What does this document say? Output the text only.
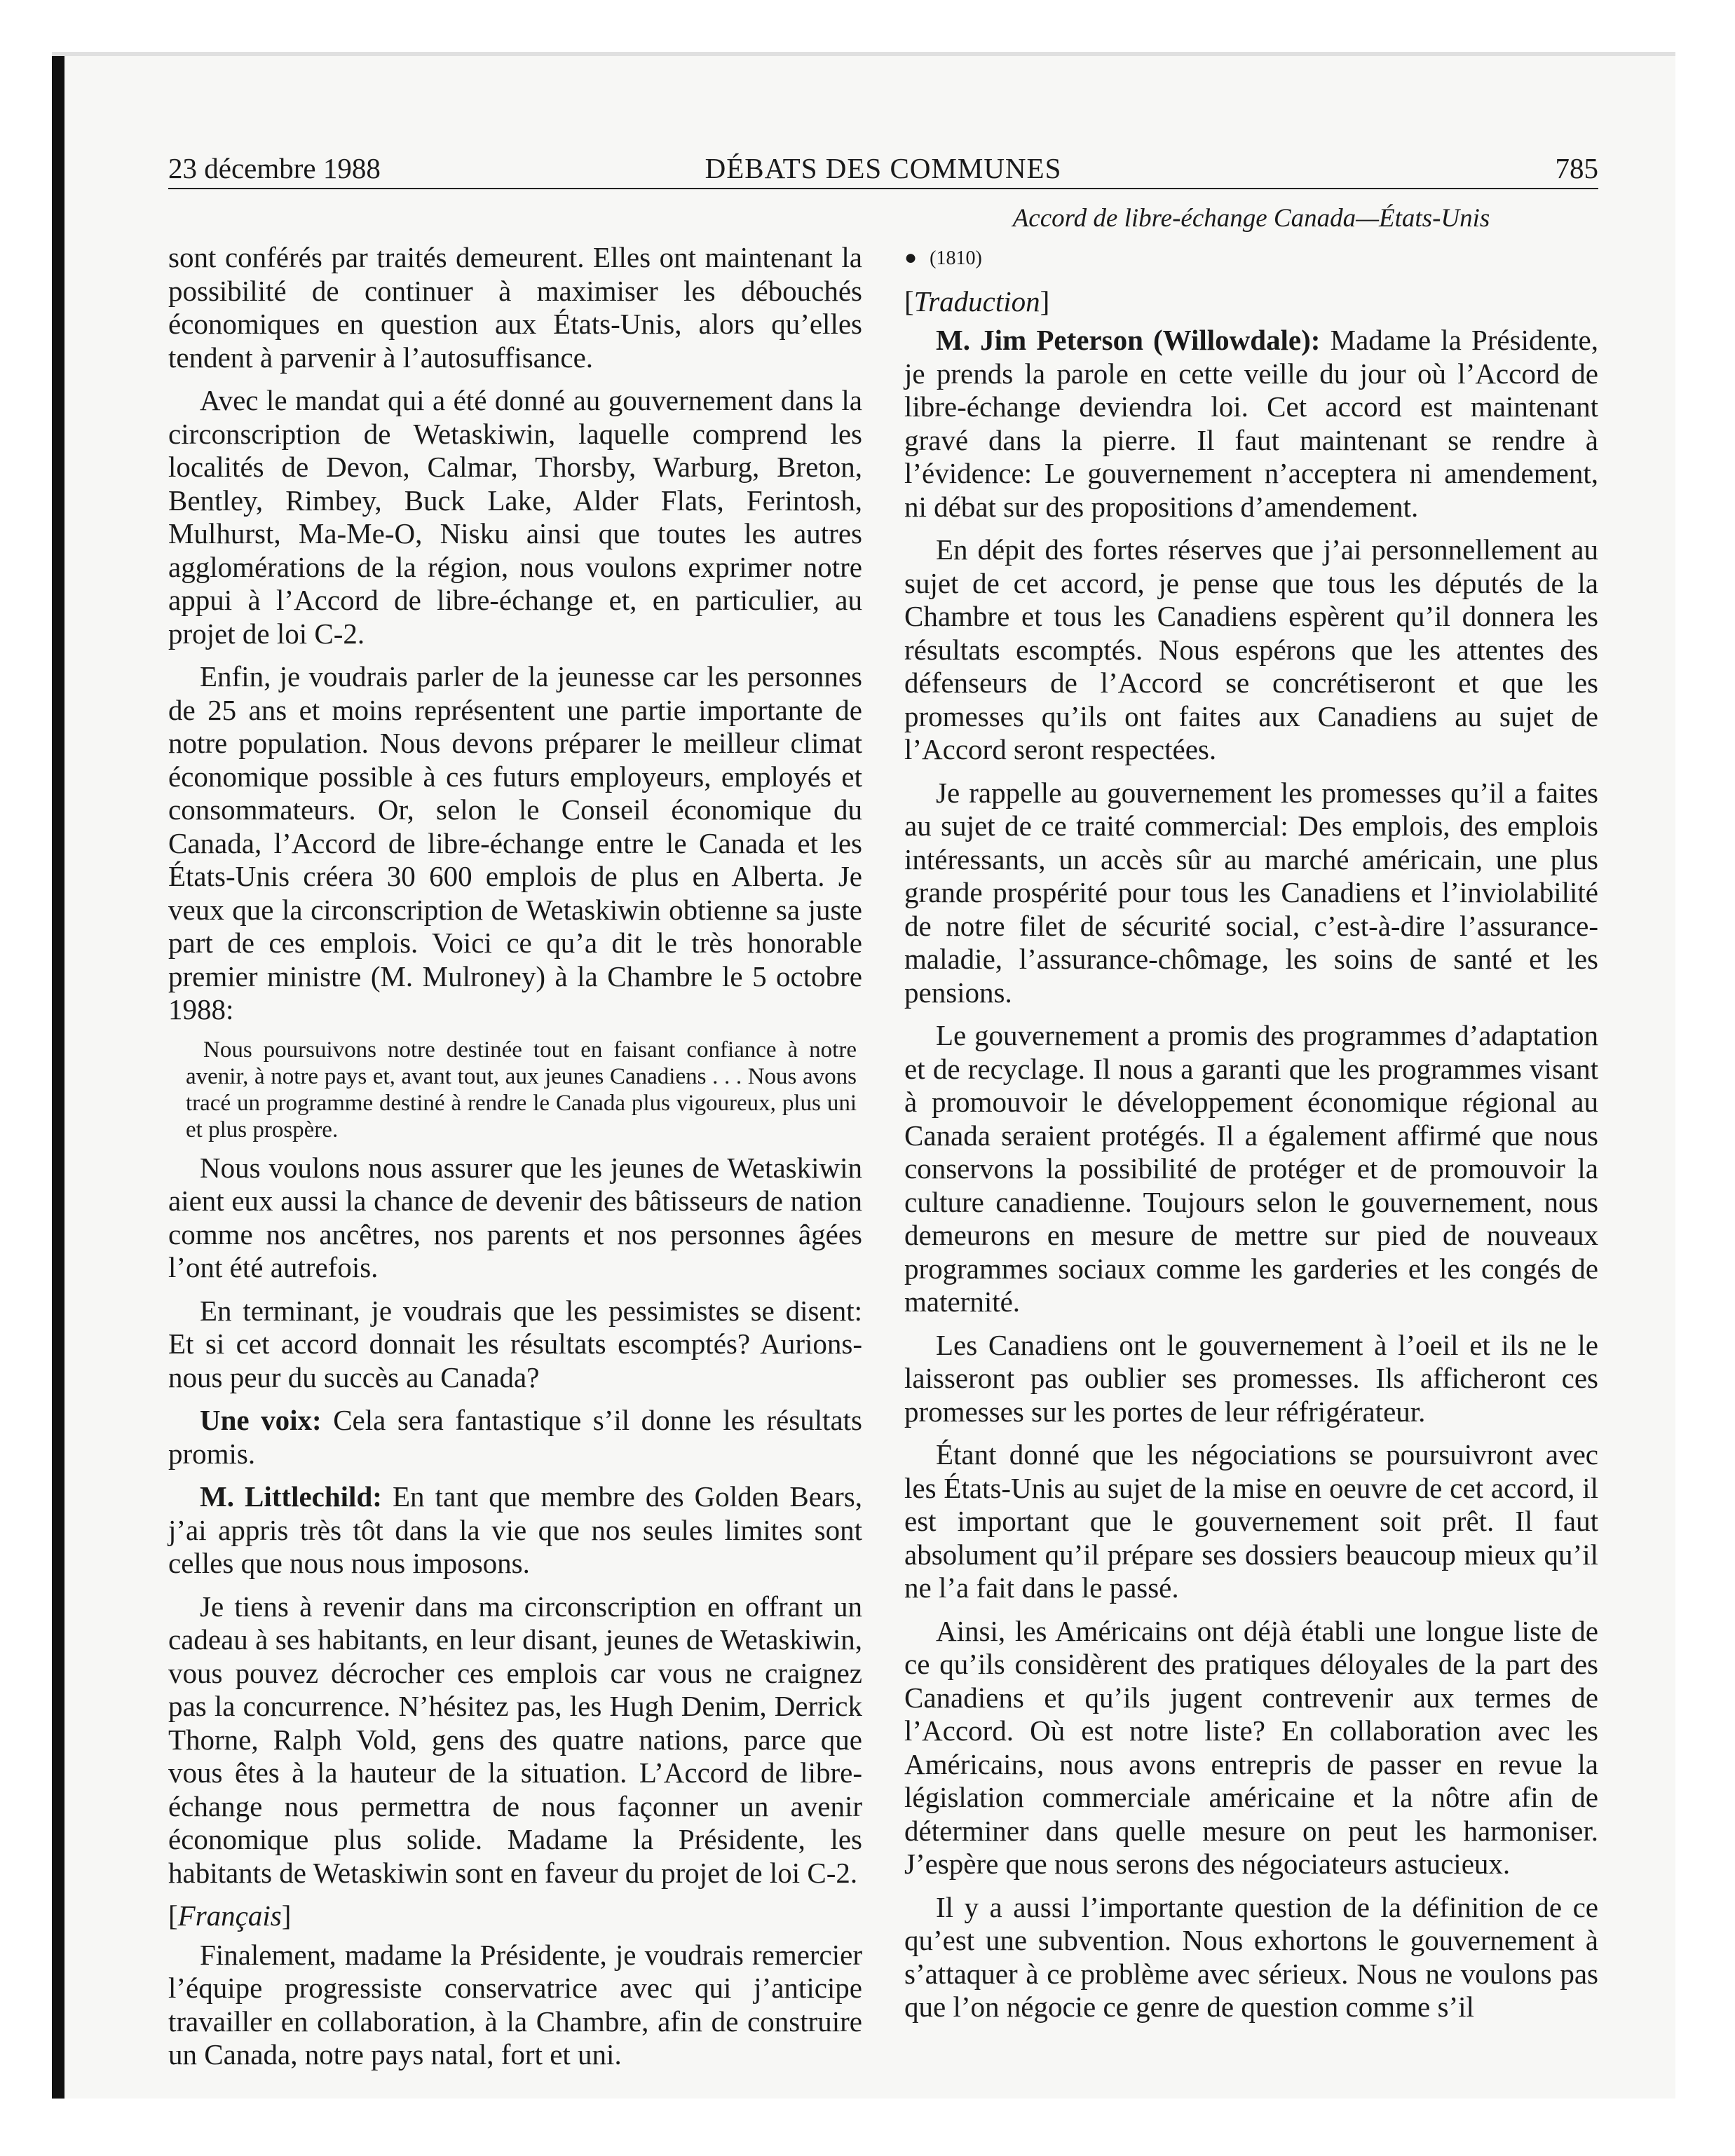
23 décembre 1988	DÉBATS DES COMMUNES	785
Accord de libre-échange Canada—États-Unis

sont conférés par traités demeurent. Elles ont maintenant la possibilité de continuer à maximiser les débouchés économiques en question aux États-Unis, alors qu’elles tendent à parvenir à l’autosuffisance.

Avec le mandat qui a été donné au gouvernement dans la circonscription de Wetaskiwin, laquelle comprend les localités de Devon, Calmar, Thorsby, Warburg, Breton, Bentley, Rimbey, Buck Lake, Alder Flats, Ferintosh, Mulhurst, Ma-Me-O, Nisku ainsi que toutes les autres agglomérations de la région, nous voulons exprimer notre appui à l’Accord de libre-échange et, en particulier, au projet de loi C-2.

Enfin, je voudrais parler de la jeunesse car les personnes de 25 ans et moins représentent une partie importante de notre population. Nous devons préparer le meilleur climat économique possible à ces futurs employeurs, employés et consommateurs. Or, selon le Conseil économique du Canada, l’Accord de libre-échange entre le Canada et les États-Unis créera 30 600 emplois de plus en Alberta. Je veux que la circonscription de Wetaskiwin obtienne sa juste part de ces emplois. Voici ce qu’a dit le très honorable premier ministre (M. Mulroney) à la Chambre le 5 octobre 1988:

Nous poursuivons notre destinée tout en faisant confiance à notre avenir, à notre pays et, avant tout, aux jeunes Canadiens . . . Nous avons tracé un programme destiné à rendre le Canada plus vigoureux, plus uni et plus prospère.

Nous voulons nous assurer que les jeunes de Wetaskiwin aient eux aussi la chance de devenir des bâtisseurs de nation comme nos ancêtres, nos parents et nos personnes âgées l’ont été autrefois.

En terminant, je voudrais que les pessimistes se disent: Et si cet accord donnait les résultats escomptés? Aurions-nous peur du succès au Canada?

Une voix: Cela sera fantastique s’il donne les résultats promis.

M. Littlechild: En tant que membre des Golden Bears, j’ai appris très tôt dans la vie que nos seules limites sont celles que nous nous imposons.

Je tiens à revenir dans ma circonscription en offrant un cadeau à ses habitants, en leur disant, jeunes de Wetaskiwin, vous pouvez décrocher ces emplois car vous ne craignez pas la concurrence. N’hésitez pas, les Hugh Denim, Derrick Thorne, Ralph Vold, gens des quatre nations, parce que vous êtes à la hauteur de la situation. L’Accord de libre-échange nous permettra de nous façonner un avenir économique plus solide. Madame la Présidente, les habitants de Wetaskiwin sont en faveur du projet de loi C-2.

[Français]

Finalement, madame la Présidente, je voudrais remercier l’équipe progressiste conservatrice avec qui j’anticipe travailler en collaboration, à la Chambre, afin de construire un Canada, notre pays natal, fort et uni.

● (1810)

[Traduction]

M. Jim Peterson (Willowdale): Madame la Présidente, je prends la parole en cette veille du jour où l’Accord de libre-échange deviendra loi. Cet accord est maintenant gravé dans la pierre. Il faut maintenant se rendre à l’évidence: Le gouvernement n’acceptera ni amendement, ni débat sur des propositions d’amendement.

En dépit des fortes réserves que j’ai personnellement au sujet de cet accord, je pense que tous les députés de la Chambre et tous les Canadiens espèrent qu’il donnera les résultats escomptés. Nous espérons que les attentes des défenseurs de l’Accord se concrétiseront et que les promesses qu’ils ont faites aux Canadiens au sujet de l’Accord seront respectées.

Je rappelle au gouvernement les promesses qu’il a faites au sujet de ce traité commercial: Des emplois, des emplois intéressants, un accès sûr au marché américain, une plus grande prospérité pour tous les Canadiens et l’inviolabilité de notre filet de sécurité social, c’est-à-dire l’assurance-maladie, l’assurance-chômage, les soins de santé et les pensions.

Le gouvernement a promis des programmes d’adaptation et de recyclage. Il nous a garanti que les programmes visant à promouvoir le développement économique régional au Canada seraient protégés. Il a également affirmé que nous conservons la possibilité de protéger et de promouvoir la culture canadienne. Toujours selon le gouvernement, nous demeurons en mesure de mettre sur pied de nouveaux programmes sociaux comme les garderies et les congés de maternité.

Les Canadiens ont le gouvernement à l’oeil et ils ne le laisseront pas oublier ses promesses. Ils afficheront ces promesses sur les portes de leur réfrigérateur.

Étant donné que les négociations se poursuivront avec les États-Unis au sujet de la mise en oeuvre de cet accord, il est important que le gouvernement soit prêt. Il faut absolument qu’il prépare ses dossiers beaucoup mieux qu’il ne l’a fait dans le passé.

Ainsi, les Américains ont déjà établi une longue liste de ce qu’ils considèrent des pratiques déloyales de la part des Canadiens et qu’ils jugent contrevenir aux termes de l’Accord. Où est notre liste? En collaboration avec les Américains, nous avons entrepris de passer en revue la législation commerciale américaine et la nôtre afin de déterminer dans quelle mesure on peut les harmoniser. J’espère que nous serons des négociateurs astucieux.

Il y a aussi l’importante question de la définition de ce qu’est une subvention. Nous exhortons le gouvernement à s’attaquer à ce problème avec sérieux. Nous ne voulons pas que l’on négocie ce genre de question comme s’il
